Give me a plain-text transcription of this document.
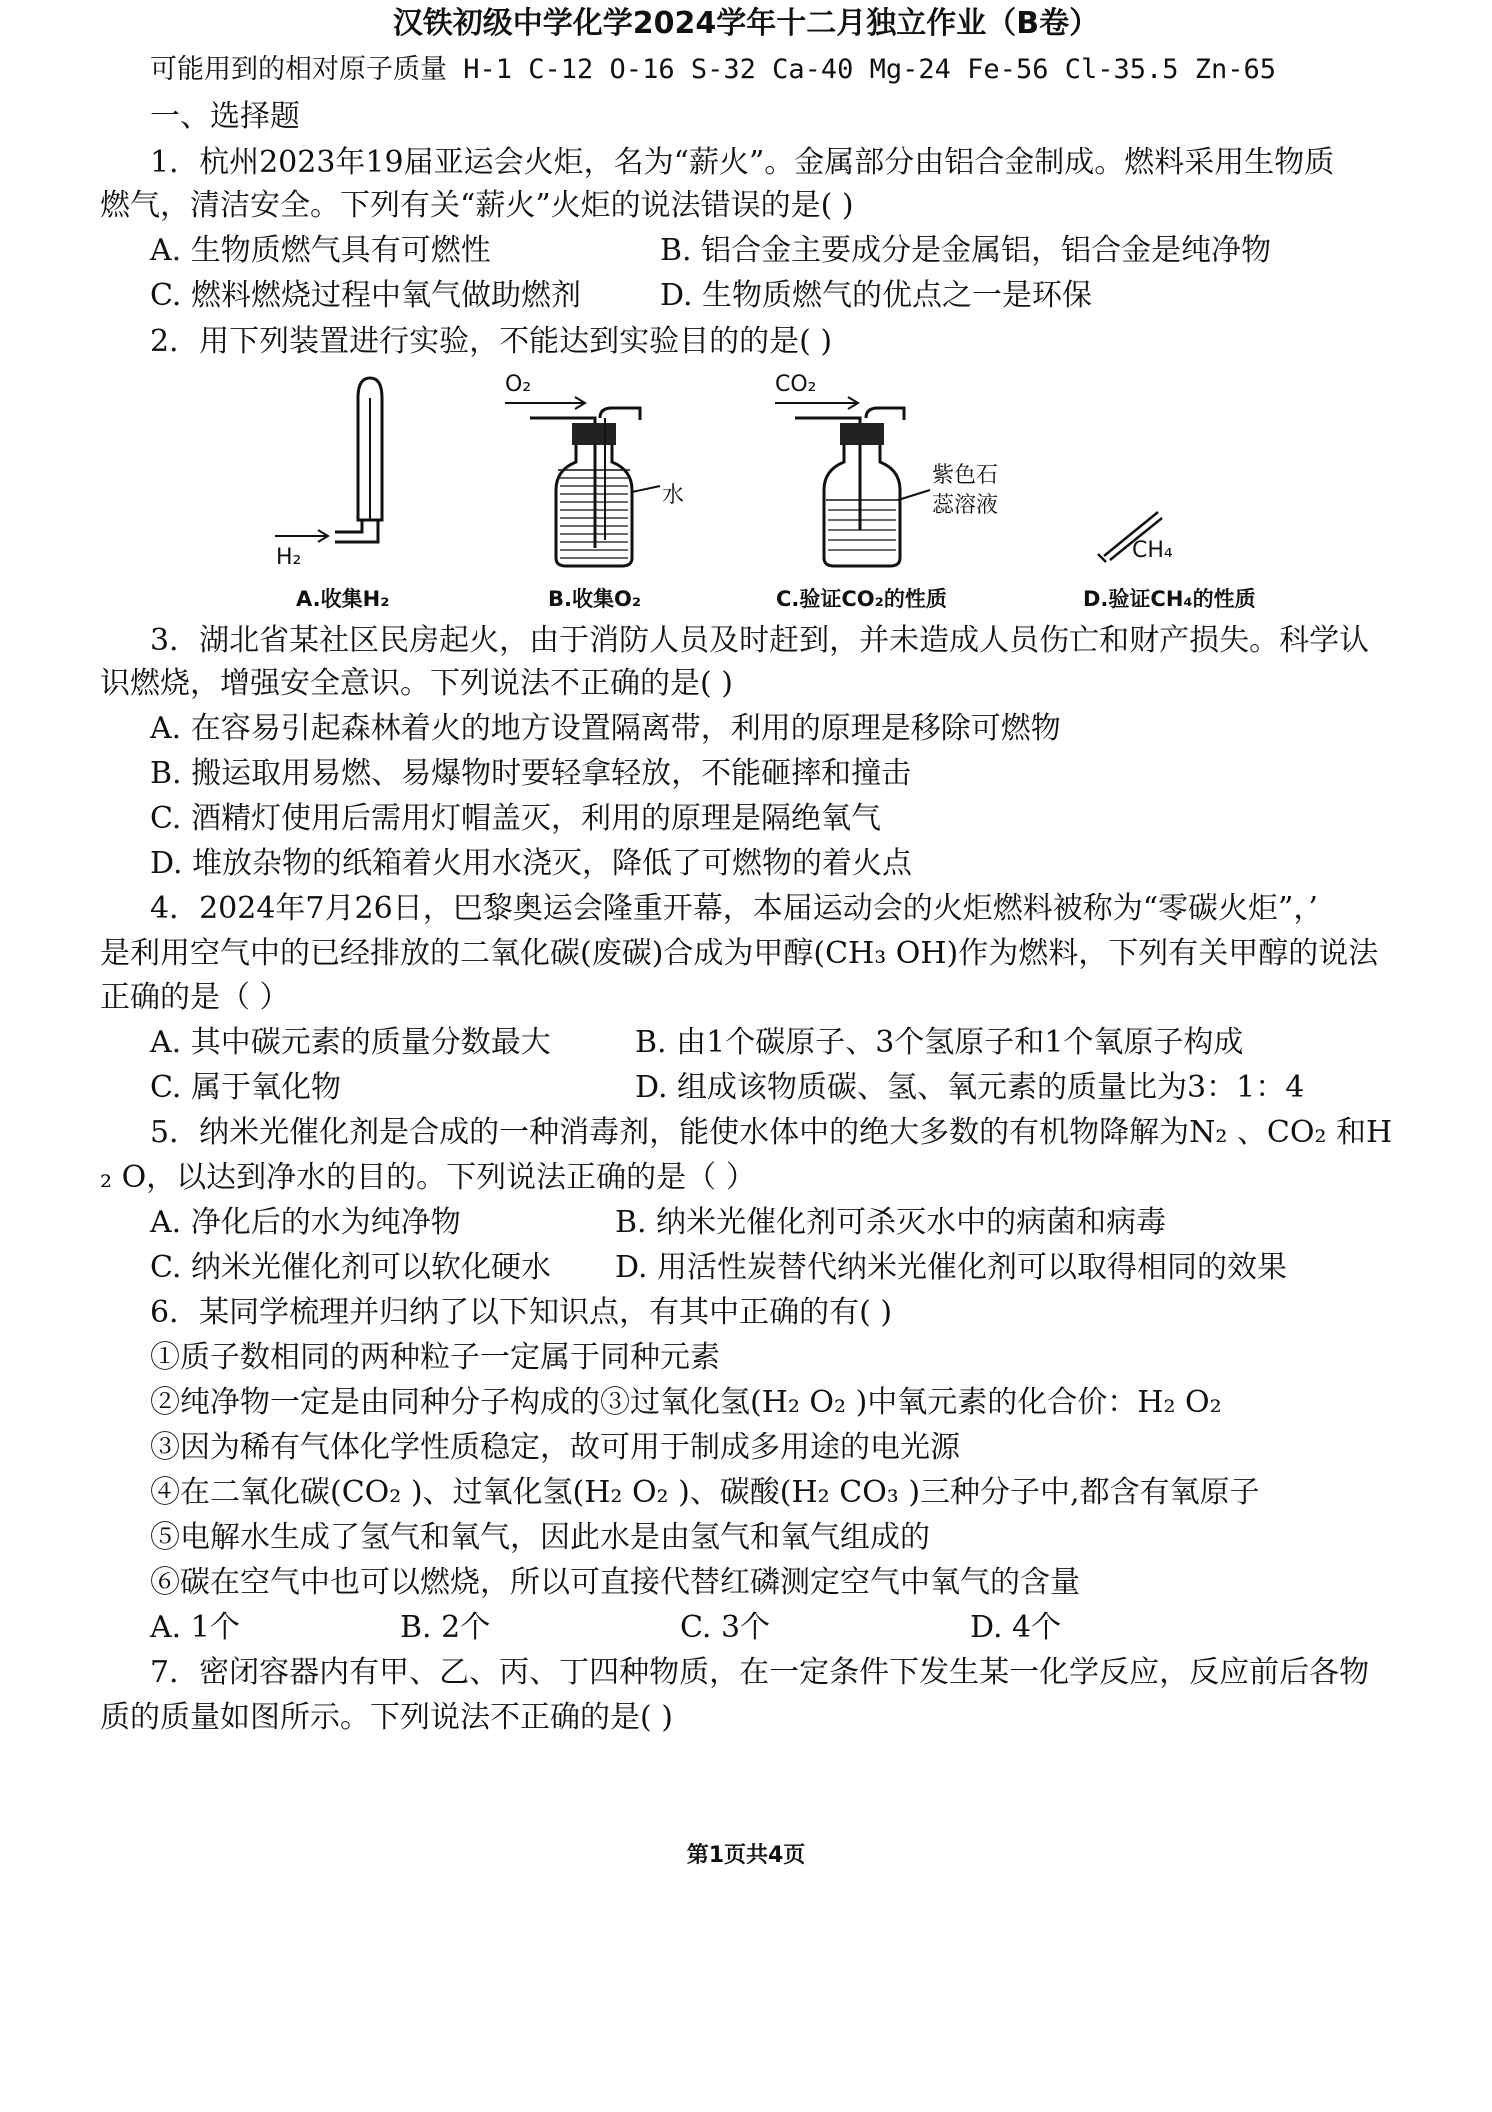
汉铁初级中学化学2024学年十二月独立作业（B卷）
可能用到的相对原子质量 H-1 C-12 O-16 S-32 Ca-40 Mg-24 Fe-56 Cl-35.5 Zn-65
一、选择题
1．杭州2023年19届亚运会火炬，名为“薪火”。金属部分由铝合金制成。燃料采用生物质
燃气，清洁安全。下列有关“薪火”火炬的说法错误的是( )
A. 生物质燃气具有可燃性	B. 铝合金主要成分是金属铝，铝合金是纯净物
C. 燃料燃烧过程中氧气做助燃剂	D. 生物质燃气的优点之一是环保
2．用下列装置进行实验，不能达到实验目的的是( )
H₂
O₂
水
CO₂
紫色石
蕊溶液
CH₄
A.收集H₂	B.收集O₂	C.验证CO₂的性质	D.验证CH₄的性质
3．湖北省某社区民房起火，由于消防人员及时赶到，并未造成人员伤亡和财产损失。科学认
识燃烧，增强安全意识。下列说法不正确的是( )
A. 在容易引起森林着火的地方设置隔离带，利用的原理是移除可燃物
B. 搬运取用易燃、易爆物时要轻拿轻放，不能砸摔和撞击
C. 酒精灯使用后需用灯帽盖灭，利用的原理是隔绝氧气
D. 堆放杂物的纸箱着火用水浇灭，降低了可燃物的着火点
4．2024年7月26日，巴黎奥运会隆重开幕，本届运动会的火炬燃料被称为“零碳火炬”，’
是利用空气中的已经排放的二氧化碳(废碳)合成为甲醇(CH₃ OH)作为燃料，下列有关甲醇的说法
正确的是（ ）
A. 其中碳元素的质量分数最大	B. 由1个碳原子、3个氢原子和1个氧原子构成
C. 属于氧化物	D. 组成该物质碳、氢、氧元素的质量比为3：1：4
5．纳米光催化剂是合成的一种消毒剂，能使水体中的绝大多数的有机物降解为N₂ 、CO₂ 和H
₂ O，以达到净水的目的。下列说法正确的是（ ）
A. 净化后的水为纯净物	B. 纳米光催化剂可杀灭水中的病菌和病毒
C. 纳米光催化剂可以软化硬水 D. 用活性炭替代纳米光催化剂可以取得相同的效果
6．某同学梳理并归纳了以下知识点，有其中正确的有( )
①质子数相同的两种粒子一定属于同种元素
②纯净物一定是由同种分子构成的③过氧化氢(H₂ O₂ )中氧元素的化合价：H₂ O₂
③因为稀有气体化学性质稳定，故可用于制成多用途的电光源
④在二氧化碳(CO₂ )、过氧化氢(H₂ O₂ )、碳酸(H₂ CO₃ )三种分子中,都含有氧原子
⑤电解水生成了氢气和氧气，因此水是由氢气和氧气组成的
⑥碳在空气中也可以燃烧，所以可直接代替红磷测定空气中氧气的含量
A. 1个	B. 2个	C. 3个	D. 4个
7．密闭容器内有甲、乙、丙、丁四种物质，在一定条件下发生某一化学反应，反应前后各物
质的质量如图所示。下列说法不正确的是( )
第1页共4页
